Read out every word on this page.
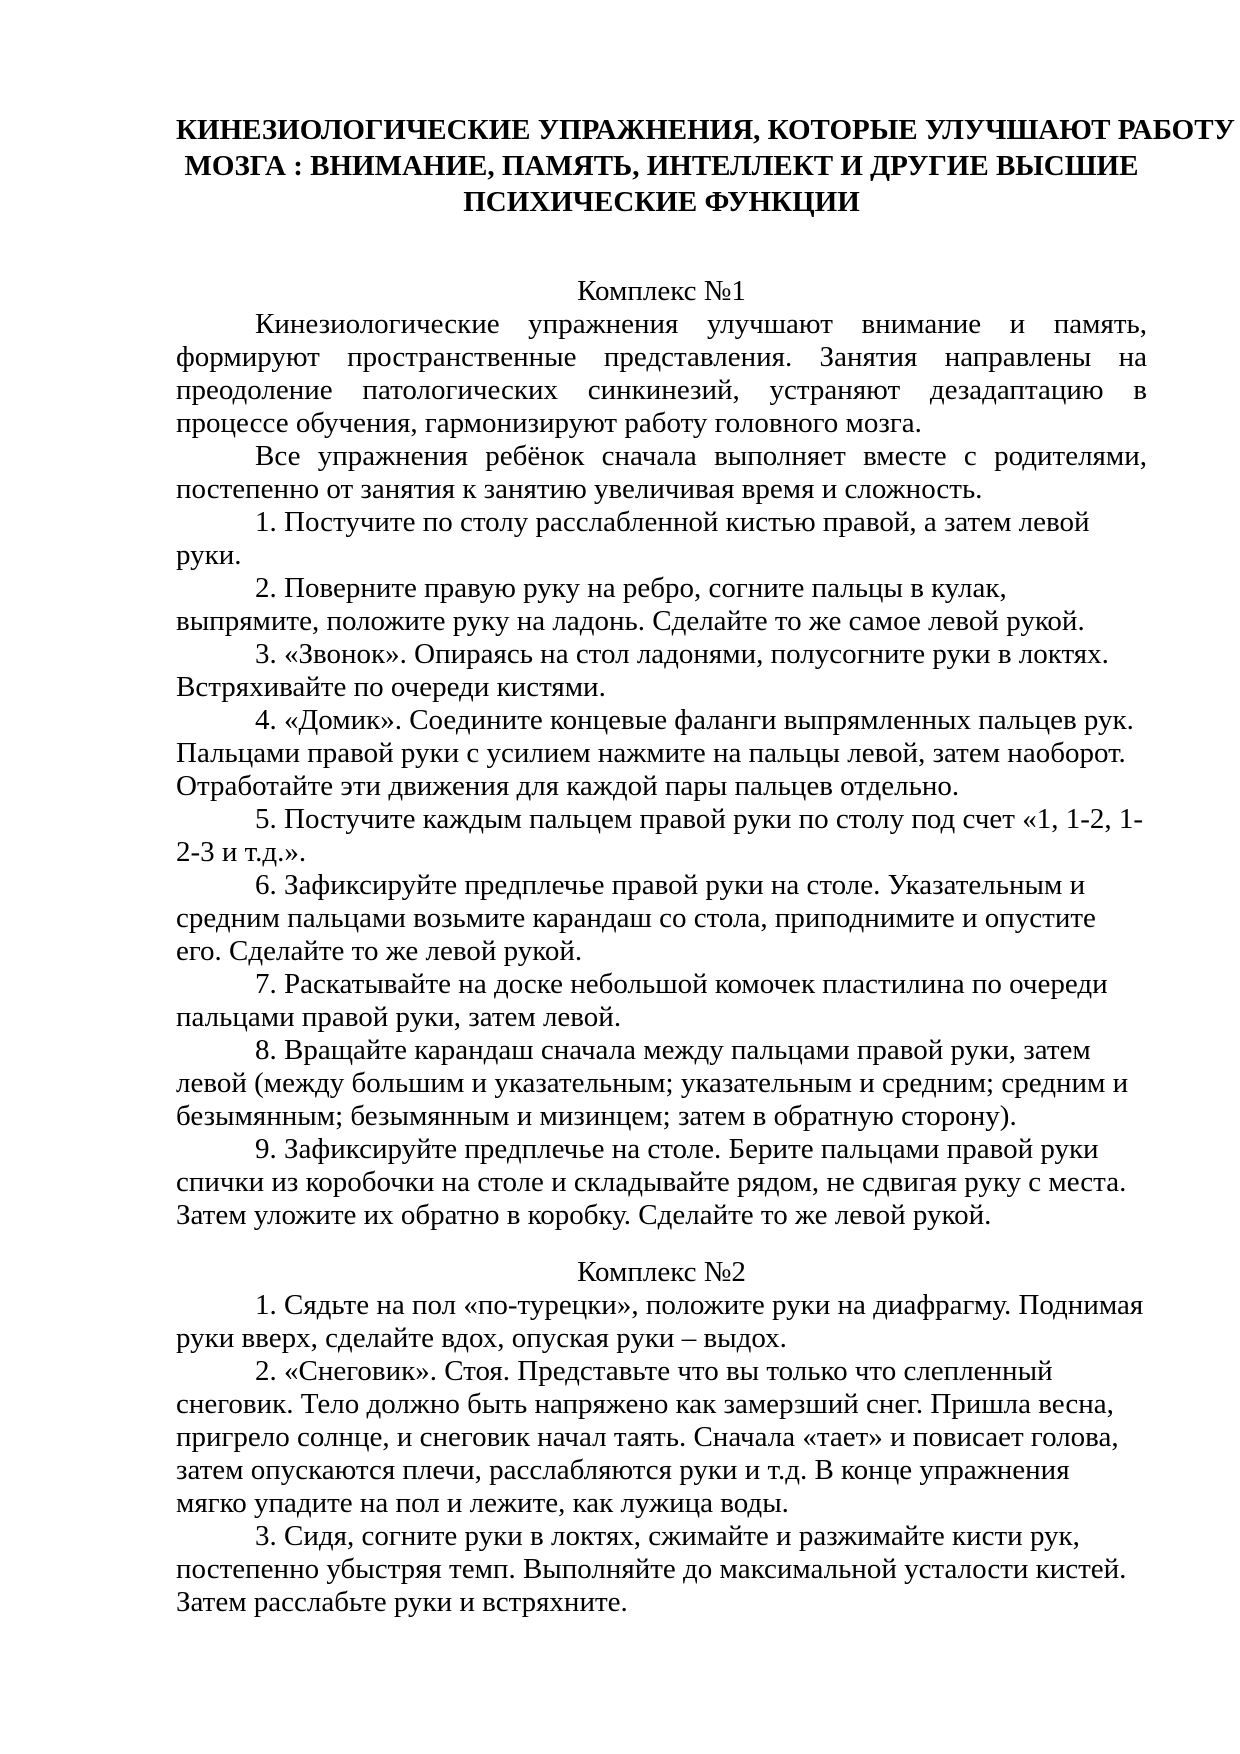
КИНЕЗИОЛОГИЧЕСКИЕ УПРАЖНЕНИЯ, КОТОРЫЕ УЛУЧШАЮТ РАБОТУ
МОЗГА : ВНИМАНИЕ, ПАМЯТЬ, ИНТЕЛЛЕКТ И ДРУГИЕ ВЫСШИЕ
ПСИХИЧЕСКИЕ ФУНКЦИИ
Комплекс №1

Кинезиологические упражнения улучшают внимание и память, формируют пространственные представления. Занятия направлены на преодоление патологических синкинезий, устраняют дезадаптацию в процессе обучения, гармонизируют работу головного мозга.

Все упражнения ребёнок сначала выполняет вместе с родителями, постепенно от занятия к занятию увеличивая время и сложность.

1. Постучите по столу расслабленной кистью правой, а затем левой руки.

2. Поверните правую руку на ребро, согните пальцы в кулак, выпрямите, положите руку на ладонь. Сделайте то же самое левой рукой.

3. «Звонок». Опираясь на стол ладонями, полусогните руки в локтях. Встряхивайте по очереди кистями.

4. «Домик». Соедините концевые фаланги выпрямленных пальцев рук. Пальцами правой руки с усилием нажмите на пальцы левой, затем наоборот. Отработайте эти движения для каждой пары пальцев отдельно.

5. Постучите каждым пальцем правой руки по столу под счет «1, 1-2, 1-2-3 и т.д.».

6. Зафиксируйте предплечье правой руки на столе. Указательным и средним пальцами возьмите карандаш со стола, приподнимите и опустите его. Сделайте то же левой рукой.

7. Раскатывайте на доске небольшой комочек пластилина по очереди пальцами правой руки, затем левой.

8. Вращайте карандаш сначала между пальцами правой руки, затем левой (между большим и указательным; указательным и средним; средним и безымянным; безымянным и мизинцем; затем в обратную сторону).

9. Зафиксируйте предплечье на столе. Берите пальцами правой руки спички из коробочки на столе и складывайте рядом, не сдвигая руку с места. Затем уложите их обратно в коробку. Сделайте то же левой рукой.

Комплекс №2

1. Сядьте на пол «по-турецки», положите руки на диафрагму. Поднимая руки вверх, сделайте вдох, опуская руки – выдох.

2. «Снеговик». Стоя. Представьте что вы только что слепленный снеговик. Тело должно быть напряжено как замерзший снег. Пришла весна, пригрело солнце, и снеговик начал таять. Сначала «тает» и повисает голова, затем опускаются плечи, расслабляются руки и т.д. В конце упражнения мягко упадите на пол и лежите, как лужица воды.

3. Сидя, согните руки в локтях, сжимайте и разжимайте кисти рук, постепенно убыстряя темп. Выполняйте до максимальной усталости кистей. Затем расслабьте руки и встряхните.
